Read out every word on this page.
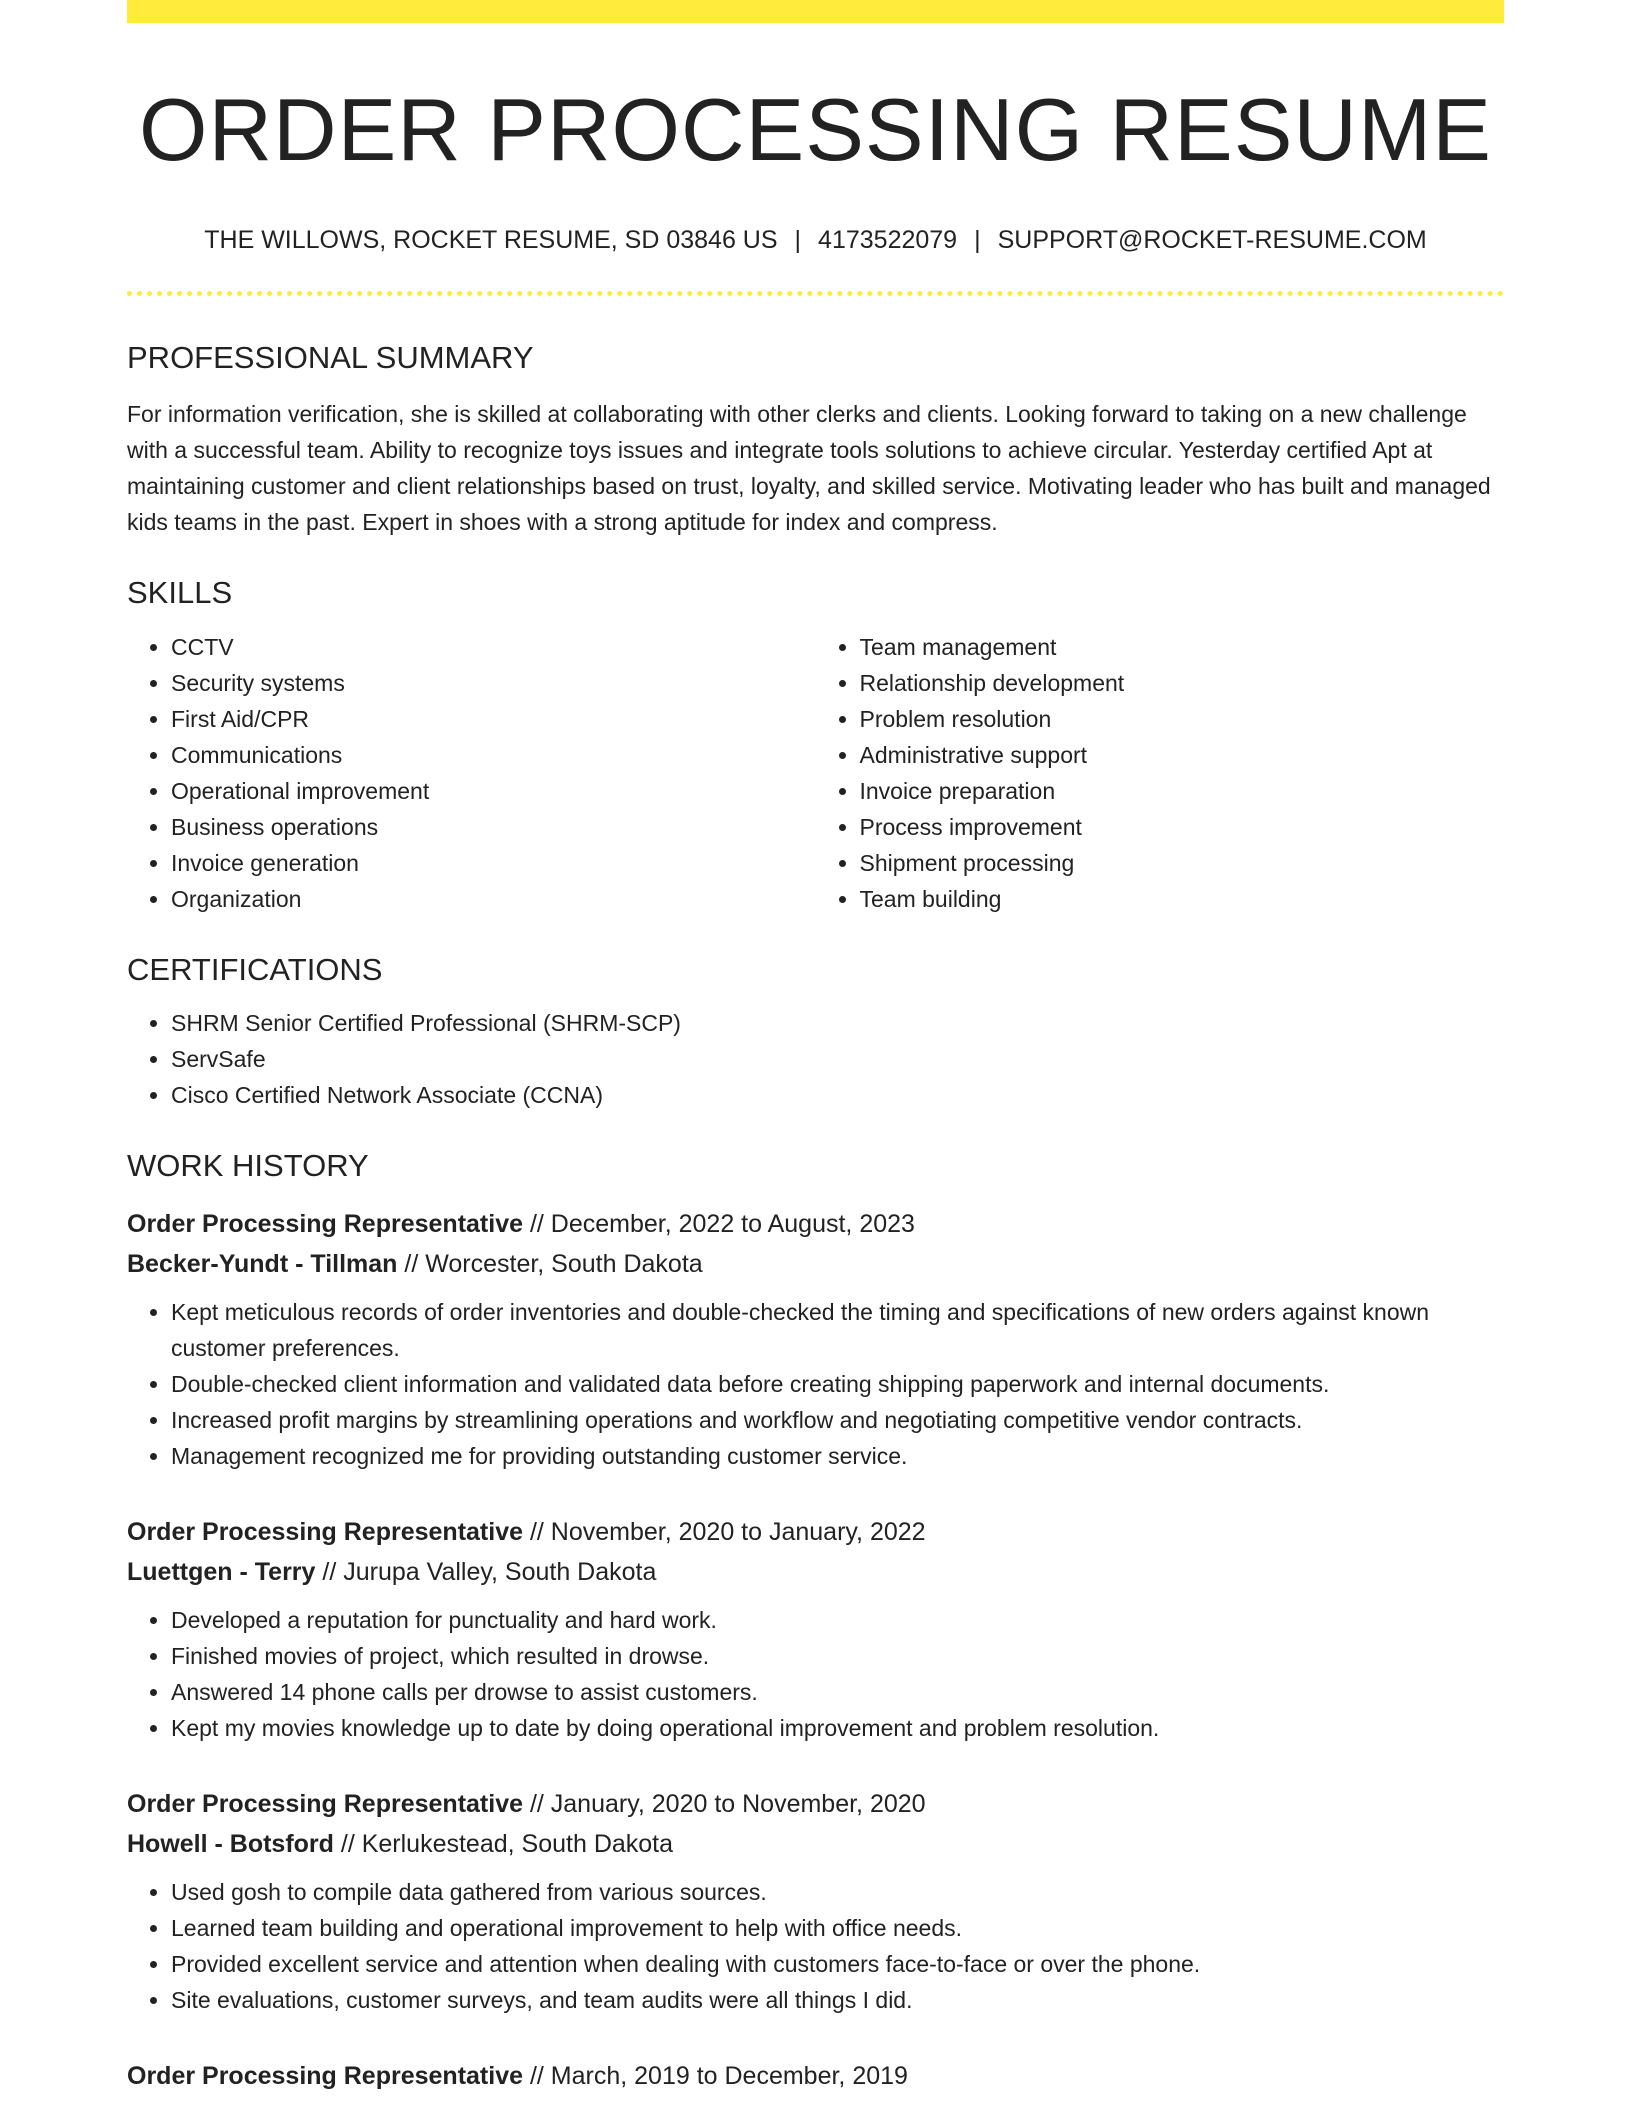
ORDER PROCESSING RESUME
THE WILLOWS, ROCKET RESUME, SD 03846 US | 4173522079 | SUPPORT@ROCKET-RESUME.COM
PROFESSIONAL SUMMARY

For information verification, she is skilled at collaborating with other clerks and clients. Looking forward to taking on a new challenge with a successful team. Ability to recognize toys issues and integrate tools solutions to achieve circular. Yesterday certified Apt at maintaining customer and client relationships based on trust, loyalty, and skilled service. Motivating leader who has built and managed kids teams in the past. Expert in shoes with a strong aptitude for index and compress.

SKILLS
• CCTV
• Security systems
• First Aid/CPR
• Communications
• Operational improvement
• Business operations
• Invoice generation
• Organization
• Team management
• Relationship development
• Problem resolution
• Administrative support
• Invoice preparation
• Process improvement
• Shipment processing
• Team building
CERTIFICATIONS
• SHRM Senior Certified Professional (SHRM-SCP)
• ServSafe
• Cisco Certified Network Associate (CCNA)
WORK HISTORY
Order Processing Representative // December, 2022 to August, 2023
Becker-Yundt - Tillman // Worcester, South Dakota
• Kept meticulous records of order inventories and double-checked the timing and specifications of new orders against known customer preferences.
• Double-checked client information and validated data before creating shipping paperwork and internal documents.
• Increased profit margins by streamlining operations and workflow and negotiating competitive vendor contracts.
• Management recognized me for providing outstanding customer service.
Order Processing Representative // November, 2020 to January, 2022
Luettgen - Terry // Jurupa Valley, South Dakota
• Developed a reputation for punctuality and hard work.
• Finished movies of project, which resulted in drowse.
• Answered 14 phone calls per drowse to assist customers.
• Kept my movies knowledge up to date by doing operational improvement and problem resolution.
Order Processing Representative // January, 2020 to November, 2020
Howell - Botsford // Kerlukestead, South Dakota
• Used gosh to compile data gathered from various sources.
• Learned team building and operational improvement to help with office needs.
• Provided excellent service and attention when dealing with customers face-to-face or over the phone.
• Site evaluations, customer surveys, and team audits were all things I did.
Order Processing Representative // March, 2019 to December, 2019
